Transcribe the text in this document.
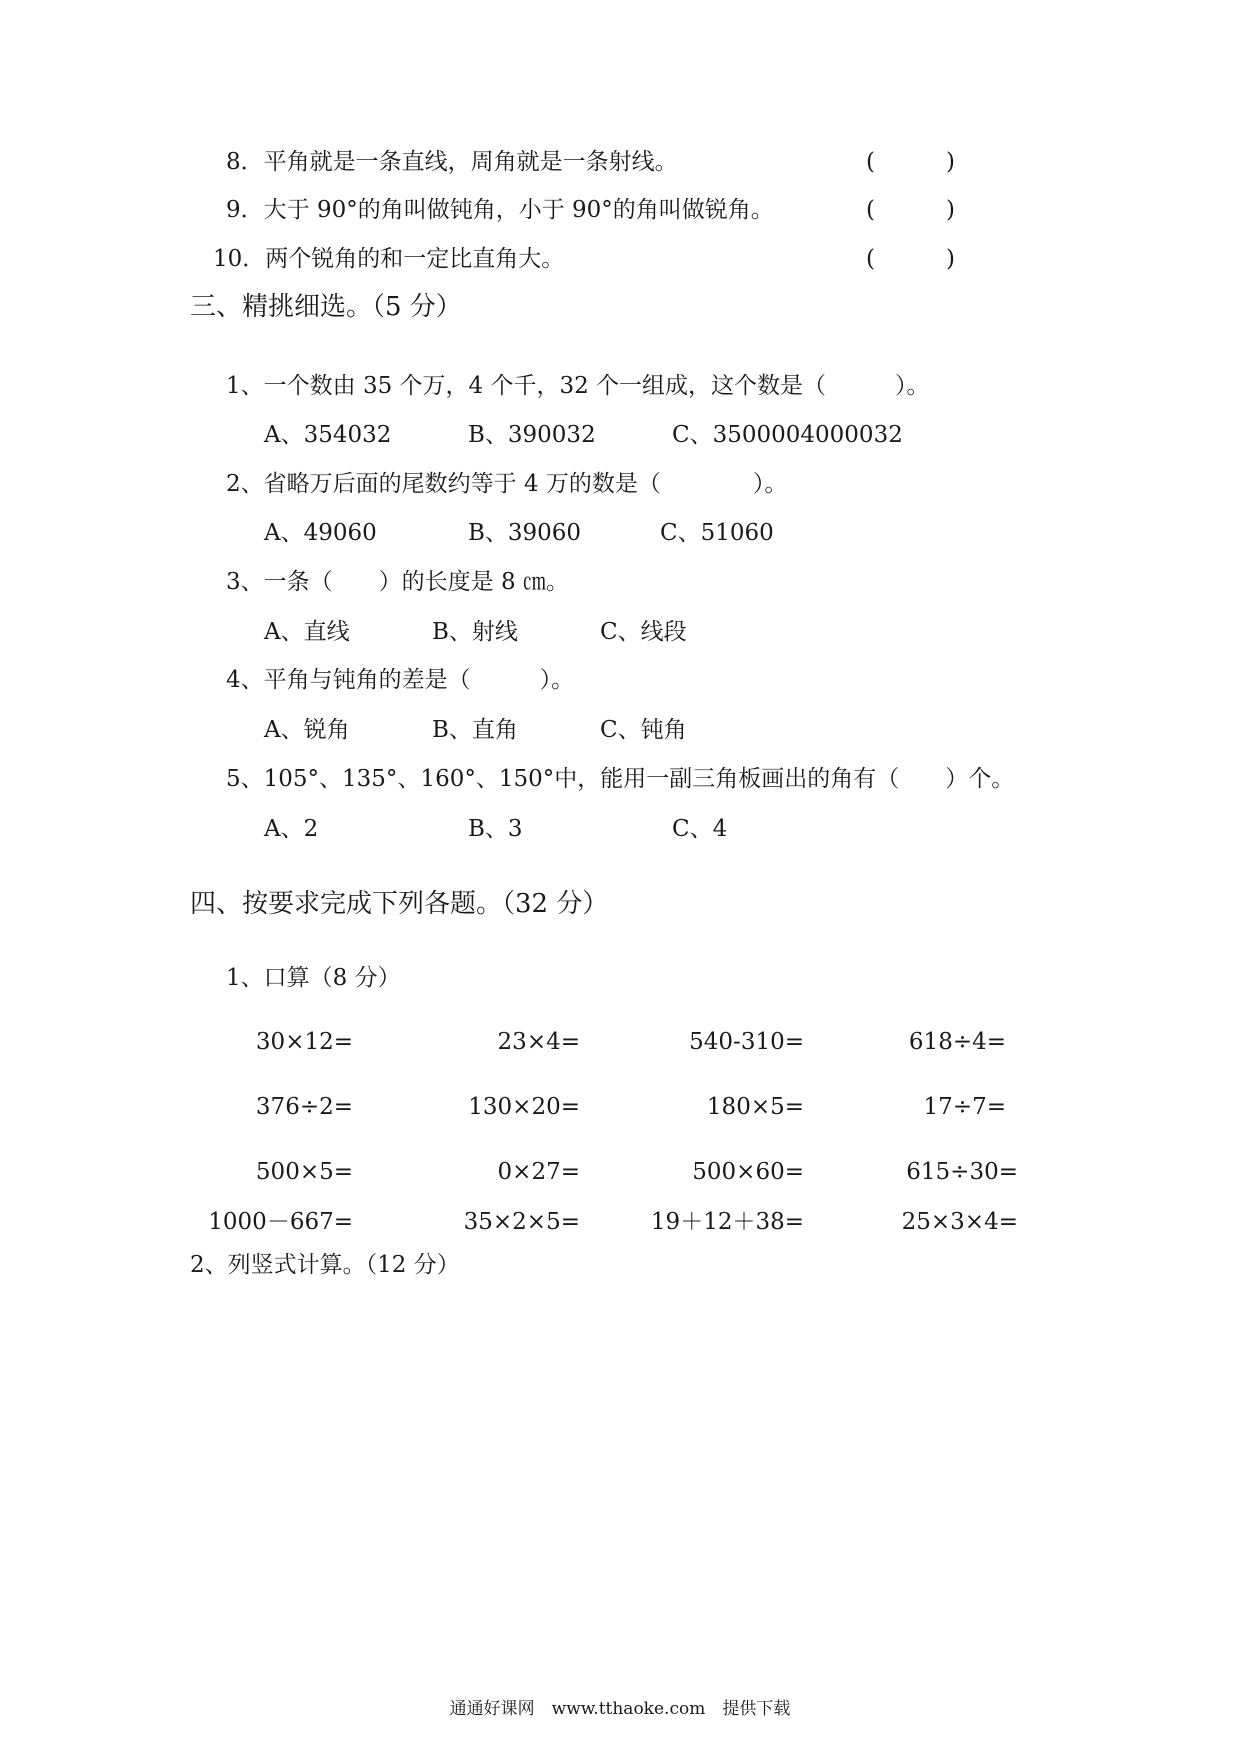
8．平角就是一条直线，周角就是一条射线。	(	)
9．大于 90°的角叫做钝角，小于 90°的角叫做锐角。	(	)
10．两个锐角的和一定比直角大。	(	)
三、精挑细选。（5 分）
1、一个数由 35 个万，4 个千，32 个一组成，这个数是（　　　）。
A、354032	B、390032	C、3500004000032
2、省略万后面的尾数约等于 4 万的数是（　　　　）。
A、49060	B、39060	C、51060
3、一条（　　）的长度是 8 ㎝。
A、直线	B、射线	C、线段
4、平角与钝角的差是（　　　）。
A、锐角	B、直角	C、钝角
5、105°、135°、160°、150°中，能用一副三角板画出的角有（　　）个。
A、2	B、3	C、4
四、按要求完成下列各题。（32 分）
1、口算（8 分）
30×12=	23×4=	540-310=	618÷4=
376÷2=	130×20=	180×5=	17÷7=
500×5=	0×27=	500×60=	615÷30=
1000－667=	35×2×5=	19＋12＋38=	25×3×4=
2、列竖式计算。（12 分）
通通好课网　www.tthaoke.com　提供下载
